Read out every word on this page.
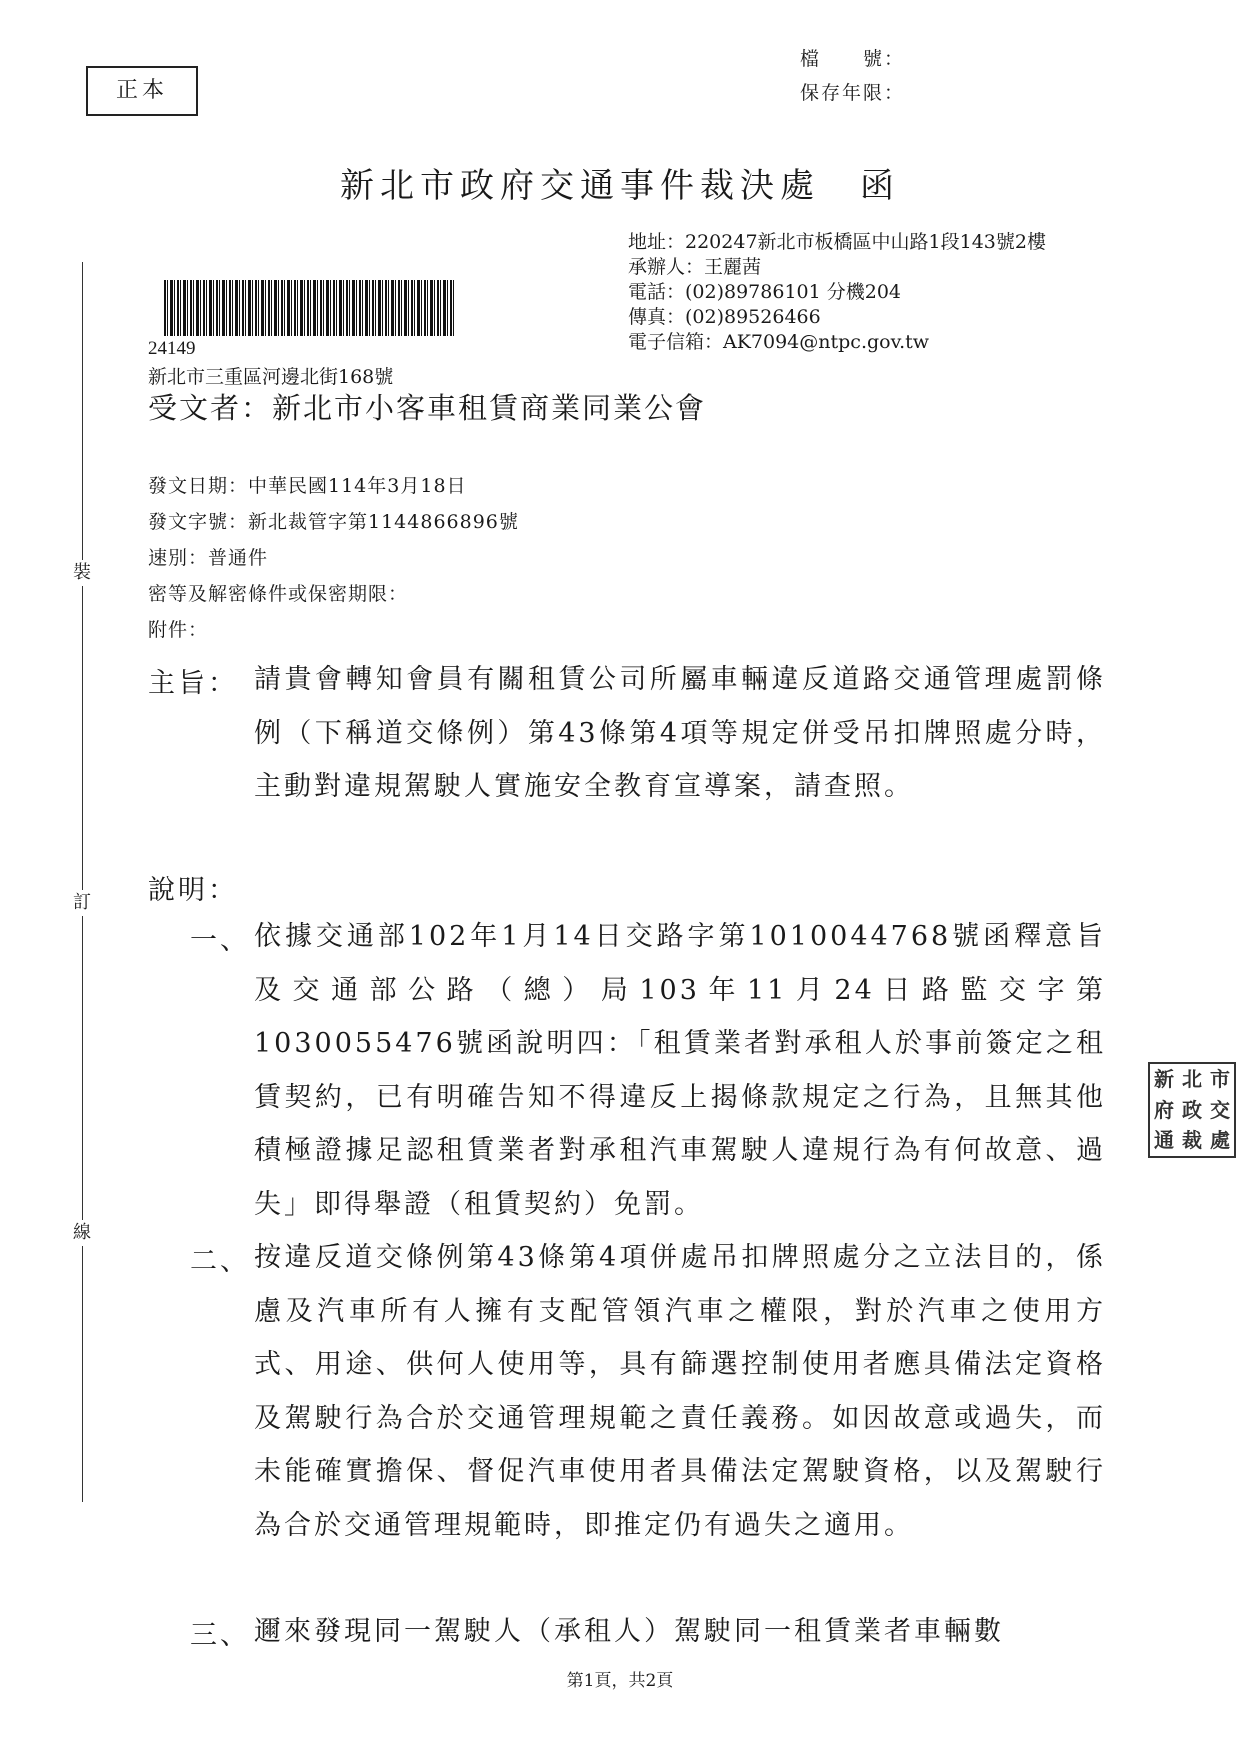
正本
檔　　號：
保存年限：
新北市政府交通事件裁決處　函
地址：220247新北市板橋區中山路1段143號2樓
承辦人：王麗茜
電話：(02)89786101 分機204
傳真：(02)89526466
電子信箱：AK7094@ntpc.gov.tw
24149
新北市三重區河邊北街168號
受文者：新北市小客車租賃商業同業公會
發文日期：中華民國114年3月18日
發文字號：新北裁管字第1144866896號
速別：普通件
密等及解密條件或保密期限：
附件：
裝
訂
線
主旨： 請貴會轉知會員有關租賃公司所屬車輛違反道路交通管理處罰條例（下稱道交條例）第43條第4項等規定併受吊扣牌照處分時，主動對違規駕駛人實施安全教育宣導案，請查照。
說明：
一、 依據交通部102年1月14日交路字第1010044768號函釋意旨及交通部公路（總）局103年11月24日路監交字第1030055476號函說明四：「租賃業者對承租人於事前簽定之租賃契約，已有明確告知不得違反上揭條款規定之行為，且無其他積極證據足認租賃業者對承租汽車駕駛人違規行為有何故意、過失」即得舉證（租賃契約）免罰。
二、 按違反道交條例第43條第4項併處吊扣牌照處分之立法目的，係慮及汽車所有人擁有支配管領汽車之權限，對於汽車之使用方式、用途、供何人使用等，具有篩選控制使用者應具備法定資格及駕駛行為合於交通管理規範之責任義務。如因故意或過失，而未能確實擔保、督促汽車使用者具備法定駕駛資格，以及駕駛行為合於交通管理規範時，即推定仍有過失之適用。
三、 邇來發現同一駕駛人（承租人）駕駛同一租賃業者車輛數
新 北 市
府 政 交
通 裁 處
第1頁，共2頁
